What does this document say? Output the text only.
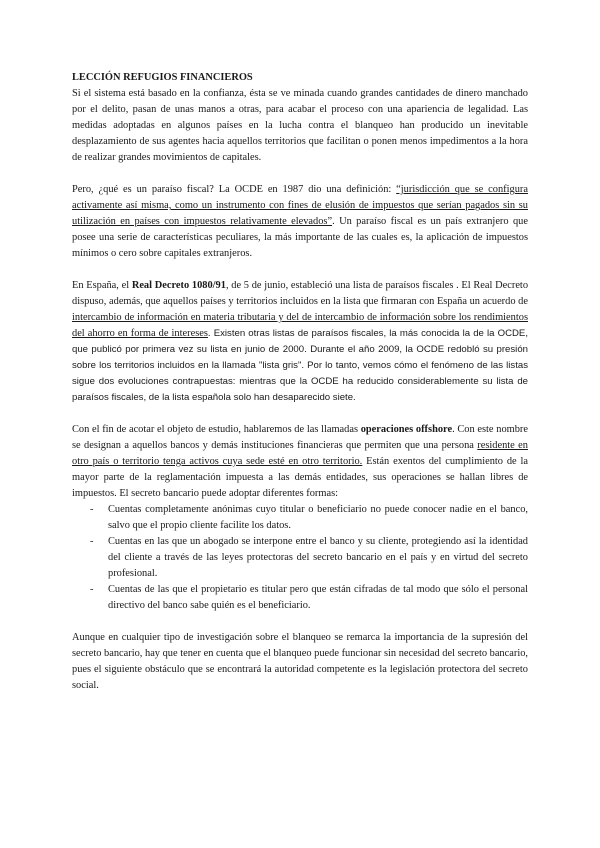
LECCIÓN REFUGIOS FINANCIEROS
Si el sistema está basado en la confianza, ésta se ve minada cuando grandes cantidades de dinero manchado por el delito, pasan de unas manos a otras, para acabar el proceso con una apariencia de legalidad. Las medidas adoptadas en algunos países en la lucha contra el blanqueo han producido un inevitable desplazamiento de sus agentes hacia aquellos territorios que facilitan o ponen menos impedimentos a la hora de realizar grandes movimientos de capitales.

Pero, ¿qué es un paraíso fiscal? La OCDE en 1987 dio una definición: “jurisdicción que se configura activamente así misma, como un instrumento con fines de elusión de impuestos que serían pagados sin su utilización en países con impuestos relativamente elevados”. Un paraíso fiscal es un país extranjero que posee una serie de características peculiares, la más importante de las cuales es, la aplicación de impuestos mínimos o cero sobre capitales extranjeros.

En España, el Real Decreto 1080/91, de 5 de junio, estableció una lista de paraísos fiscales . El Real Decreto dispuso, además, que aquellos países y territorios incluidos en la lista que firmaran con España un acuerdo de intercambio de información en materia tributaria y del de intercambio de información sobre los rendimientos del ahorro en forma de intereses. Existen otras listas de paraísos fiscales, la más conocida la de la OCDE, que publicó por primera vez su lista en junio de 2000. Durante el año 2009, la OCDE redobló su presión sobre los territorios incluidos en la llamada "lista gris". Por lo tanto, vemos cómo el fenómeno de las listas sigue dos evoluciones contrapuestas: mientras que la OCDE ha reducido considerablemente su lista de paraísos fiscales, de la lista española solo han desaparecido siete.

Con el fin de acotar el objeto de estudio, hablaremos de las llamadas operaciones offshore. Con este nombre se designan a aquellos bancos y demás instituciones financieras que permiten que una persona residente en otro país o territorio tenga activos cuya sede esté en otro territorio. Están exentos del cumplimiento de la mayor parte de la reglamentación impuesta a las demás entidades, sus operaciones se hallan libres de impuestos. El secreto bancario puede adoptar diferentes formas:

- Cuentas completamente anónimas cuyo titular o beneficiario no puede conocer nadie en el banco, salvo que el propio cliente facilite los datos.
- Cuentas en las que un abogado se interpone entre el banco y su cliente, protegiendo así la identidad del cliente a través de las leyes protectoras del secreto bancario en el país y en virtud del secreto profesional.
- Cuentas de las que el propietario es titular pero que están cifradas de tal modo que sólo el personal directivo del banco sabe quién es el beneficiario.

Aunque en cualquier tipo de investigación sobre el blanqueo se remarca la importancia de la supresión del secreto bancario, hay que tener en cuenta que el blanqueo puede funcionar sin necesidad del secreto bancario, pues el siguiente obstáculo que se encontrará la autoridad competente es la legislación protectora del secreto social.
